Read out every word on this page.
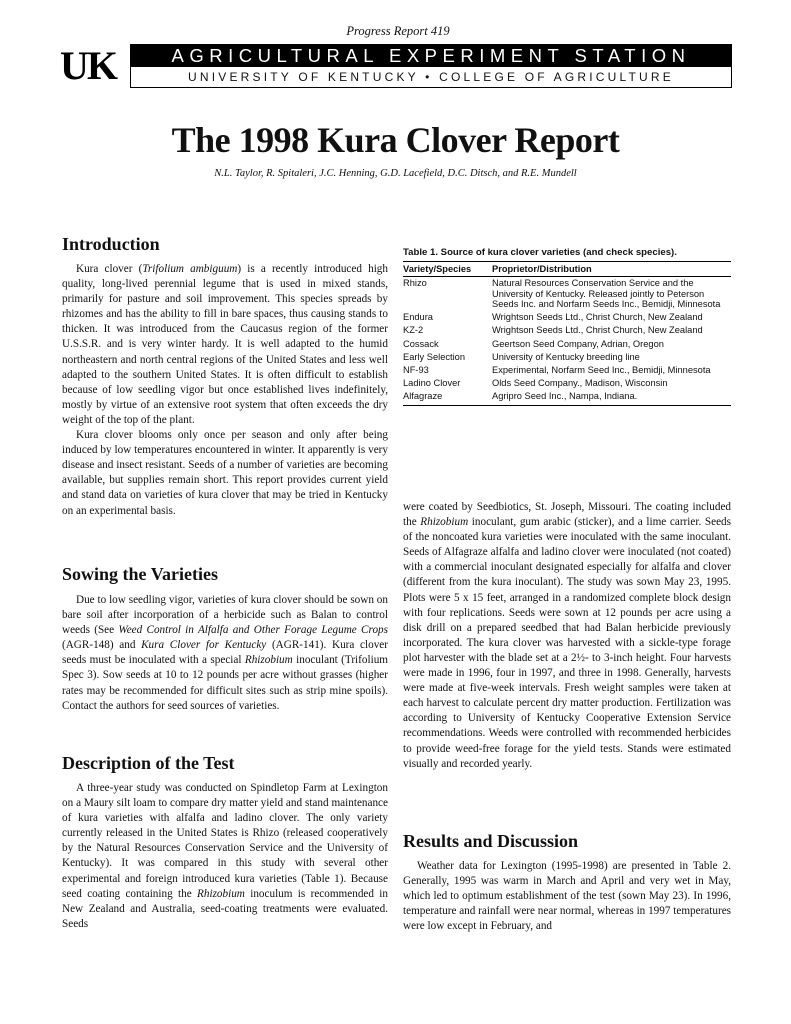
Progress Report 419
UK	AGRICULTURAL EXPERIMENT STATION
UNIVERSITY OF KENTUCKY • COLLEGE OF AGRICULTURE
The 1998 Kura Clover Report
N.L. Taylor, R. Spitaleri, J.C. Henning, G.D. Lacefield, D.C. Ditsch, and R.E. Mundell
Introduction

Kura clover (Trifolium ambiguum) is a recently introduced high quality, long-lived perennial legume that is used in mixed stands, primarily for pasture and soil improvement. This species spreads by rhizomes and has the ability to fill in bare spaces, thus causing stands to thicken. It was introduced from the Caucasus region of the former U.S.S.R. and is very winter hardy. It is well adapted to the humid northeastern and north central regions of the United States and less well adapted to the southern United States. It is often difficult to establish because of low seedling vigor but once established lives indefinitely, mostly by virtue of an extensive root system that often exceeds the dry weight of the top of the plant.

Kura clover blooms only once per season and only after being induced by low temperatures encountered in winter. It apparently is very disease and insect resistant. Seeds of a number of varieties are becoming available, but supplies remain short. This report provides current yield and stand data on varieties of kura clover that may be tried in Kentucky on an experimental basis.

Sowing the Varieties

Due to low seedling vigor, varieties of kura clover should be sown on bare soil after incorporation of a herbicide such as Balan to control weeds (See Weed Control in Alfalfa and Other Forage Legume Crops (AGR-148) and Kura Clover for Kentucky (AGR-141). Kura clover seeds must be inoculated with a special Rhizobium inoculant (Trifolium Spec 3). Sow seeds at 10 to 12 pounds per acre without grasses (higher rates may be recommended for difficult sites such as strip mine spoils). Contact the authors for seed sources of varieties.

Description of the Test

A three-year study was conducted on Spindletop Farm at Lexington on a Maury silt loam to compare dry matter yield and stand maintenance of kura varieties with alfalfa and ladino clover. The only variety currently released in the United States is Rhizo (released cooperatively by the Natural Resources Conservation Service and the University of Kentucky). It was compared in this study with several other experimental and foreign introduced kura varieties (Table 1). Because seed coating containing the Rhizobium inoculum is recommended in New Zealand and Australia, seed-coating treatments were evaluated. Seeds

Table 1. Source of kura clover varieties (and check species).
Variety/Species	Proprietor/Distribution
Rhizo	Natural Resources Conservation Service and the University of Kentucky. Released jointly to Peterson Seeds Inc. and Norfarm Seeds Inc., Bemidji, Minnesota
Endura	Wrightson Seeds Ltd., Christ Church, New Zealand
KZ-2	Wrightson Seeds Ltd., Christ Church, New Zealand
Cossack	Geertson Seed Company, Adrian, Oregon
Early Selection	University of Kentucky breeding line
NF-93	Experimental, Norfarm Seed Inc., Bemidji, Minnesota
Ladino Clover	Olds Seed Company., Madison, Wisconsin
Alfagraze	Agripro Seed Inc., Nampa, Indiana.

were coated by Seedbiotics, St. Joseph, Missouri. The coating included the Rhizobium inoculant, gum arabic (sticker), and a lime carrier. Seeds of the noncoated kura varieties were inoculated with the same inoculant. Seeds of Alfagraze alfalfa and ladino clover were inoculated (not coated) with a commercial inoculant designated especially for alfalfa and clover (different from the kura inoculant). The study was sown May 23, 1995. Plots were 5 x 15 feet, arranged in a randomized complete block design with four replications. Seeds were sown at 12 pounds per acre using a disk drill on a prepared seedbed that had Balan herbicide previously incorporated. The kura clover was harvested with a sickle-type forage plot harvester with the blade set at a 2½- to 3-inch height. Four harvests were made in 1996, four in 1997, and three in 1998. Generally, harvests were made at five-week intervals. Fresh weight samples were taken at each harvest to calculate percent dry matter production. Fertilization was according to University of Kentucky Cooperative Extension Service recommendations. Weeds were controlled with recommended herbicides to provide weed-free forage for the yield tests. Stands were estimated visually and recorded yearly.

Results and Discussion

Weather data for Lexington (1995-1998) are presented in Table 2. Generally, 1995 was warm in March and April and very wet in May, which led to optimum establishment of the test (sown May 23). In 1996, temperature and rainfall were near normal, whereas in 1997 temperatures were low except in February, and
